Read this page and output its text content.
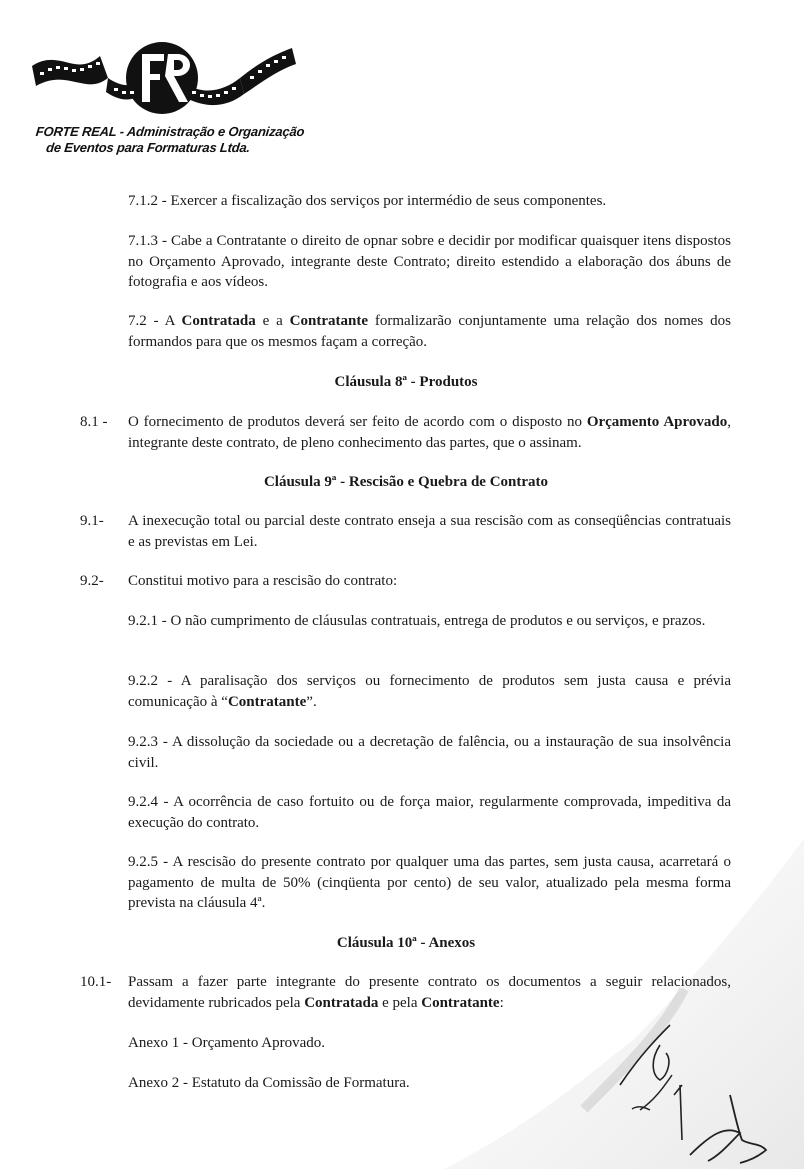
FORTE REAL - Administração e Organização
de Eventos para Formaturas Ltda.

7.1.2 - Exercer a fiscalização dos serviços por intermédio de seus componentes.

7.1.3 - Cabe a Contratante o direito de opnar sobre e decidir por modificar quaisquer itens dispostos no Orçamento Aprovado, integrante deste Contrato; direito estendido a elaboração dos ábuns de fotografia e aos vídeos.

7.2 - A Contratada e a Contratante formalizarão conjuntamente uma relação dos nomes dos formandos para que os mesmos façam a correção.

Cláusula 8ª - Produtos
8.1 - O fornecimento de produtos deverá ser feito de acordo com o disposto no Orçamento Aprovado, integrante deste contrato, de pleno conhecimento das partes, que o assinam.

Cláusula 9ª - Rescisão e Quebra de Contrato
9.1- A inexecução total ou parcial deste contrato enseja a sua rescisão com as conseqüências contratuais e as previstas em Lei.

9.2- Constitui motivo para a rescisão do contrato:

9.2.1 - O não cumprimento de cláusulas contratuais, entrega de produtos e ou serviços, e prazos.

9.2.2 - A paralisação dos serviços ou fornecimento de produtos sem justa causa e prévia comunicação à “Contratante”.

9.2.3 - A dissolução da sociedade ou a decretação de falência, ou a instauração de sua insolvência civil.

9.2.4 - A ocorrência de caso fortuito ou de força maior, regularmente comprovada, impeditiva da execução do contrato.

9.2.5 - A rescisão do presente contrato por qualquer uma das partes, sem justa causa, acarretará o pagamento de multa de 50% (cinqüenta por cento) de seu valor, atualizado pela mesma forma prevista na cláusula 4ª.

Cláusula 10ª - Anexos
10.1- Passam a fazer parte integrante do presente contrato os documentos a seguir relacionados, devidamente rubricados pela Contratada e pela Contratante:

Anexo 1 - Orçamento Aprovado.

Anexo 2 - Estatuto da Comissão de Formatura.
